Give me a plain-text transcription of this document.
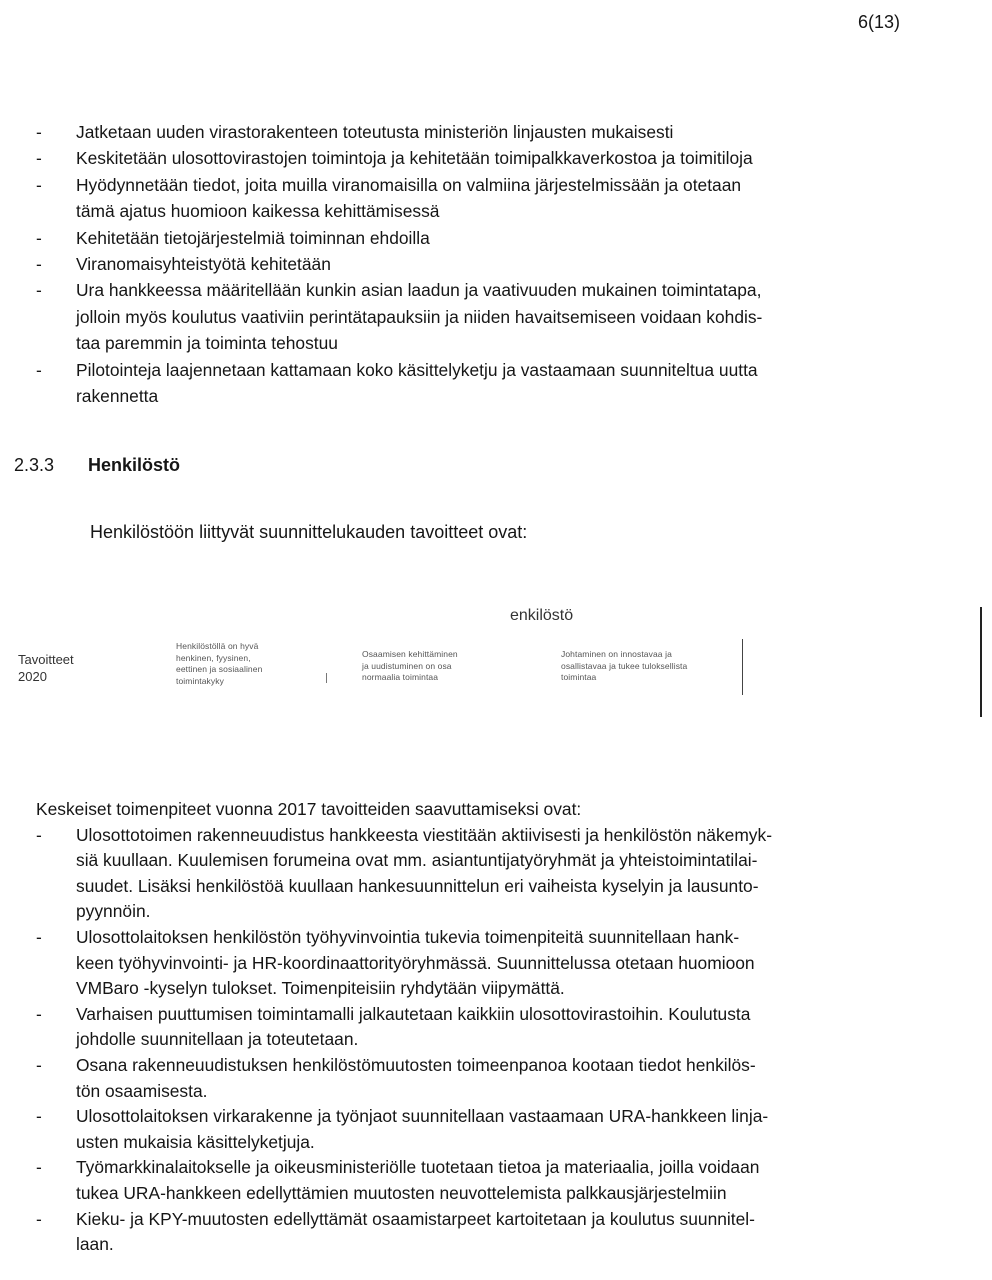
6(13)
- Jatketaan uuden virastorakenteen toteutusta ministeriön linjausten mukaisesti
- Keskitetään ulosottovirastojen toimintoja ja kehitetään toimipalkkaverkostoa ja toimitiloja
- Hyödynnetään tiedot, joita muilla viranomaisilla on valmiina järjestelmissään ja otetaan
tämä ajatus huomioon kaikessa kehittämisessä
- Kehitetään tietojärjestelmiä toiminnan ehdoilla
- Viranomaisyhteistyötä kehitetään
- Ura hankkeessa määritellään kunkin asian laadun ja vaativuuden mukainen toimintatapa,
jolloin myös koulutus vaativiin perintätapauksiin ja niiden havaitsemiseen voidaan kohdis-
taa paremmin ja toiminta tehostuu
- Pilotointeja laajennetaan kattamaan koko käsittelyketju ja vastaamaan suunniteltua uutta
rakennetta
2.3.3 Henkilöstö
Henkilöstöön liittyvät suunnittelukauden tavoitteet ovat:
enkilöstö
Tavoitteet
2020
Henkilöstöllä on hyvä
henkinen, fyysinen,
eettinen ja sosiaalinen
toimintakyky
Osaamisen kehittäminen
ja uudistuminen on osa
normaalia toimintaa
Johtaminen on innostavaa ja
osallistavaa ja tukee tuloksellista
toimintaa
Keskeiset toimenpiteet vuonna 2017 tavoitteiden saavuttamiseksi ovat:
- Ulosottotoimen rakenneuudistus hankkeesta viestitään aktiivisesti ja henkilöstön näkemyk-
siä kuullaan. Kuulemisen forumeina ovat mm. asiantuntijatyöryhmät ja yhteistoimintatilai-
suudet. Lisäksi henkilöstöä kuullaan hankesuunnittelun eri vaiheista kyselyin ja lausunto-
pyynnöin.
- Ulosottolaitoksen henkilöstön työhyvinvointia tukevia toimenpiteitä suunnitellaan hank-
keen työhyvinvointi- ja HR-koordinaattorityöryhmässä. Suunnittelussa otetaan huomioon
VMBaro -kyselyn tulokset. Toimenpiteisiin ryhdytään viipymättä.
- Varhaisen puuttumisen toimintamalli jalkautetaan kaikkiin ulosottovirastoihin. Koulutusta
johdolle suunnitellaan ja toteutetaan.
- Osana rakenneuudistuksen henkilöstömuutosten toimeenpanoa kootaan tiedot henkilös-
tön osaamisesta.
- Ulosottolaitoksen virkarakenne ja työnjaot suunnitellaan vastaamaan URA-hankkeen linja-
usten mukaisia käsittelyketjuja.
- Työmarkkinalaitokselle ja oikeusministeriölle tuotetaan tietoa ja materiaalia, joilla voidaan
tukea URA-hankkeen edellyttämien muutosten neuvottelemista palkkausjärjestelmiin
- Kieku- ja KPY-muutosten edellyttämät osaamistarpeet kartoitetaan ja koulutus suunnitel-
laan.
